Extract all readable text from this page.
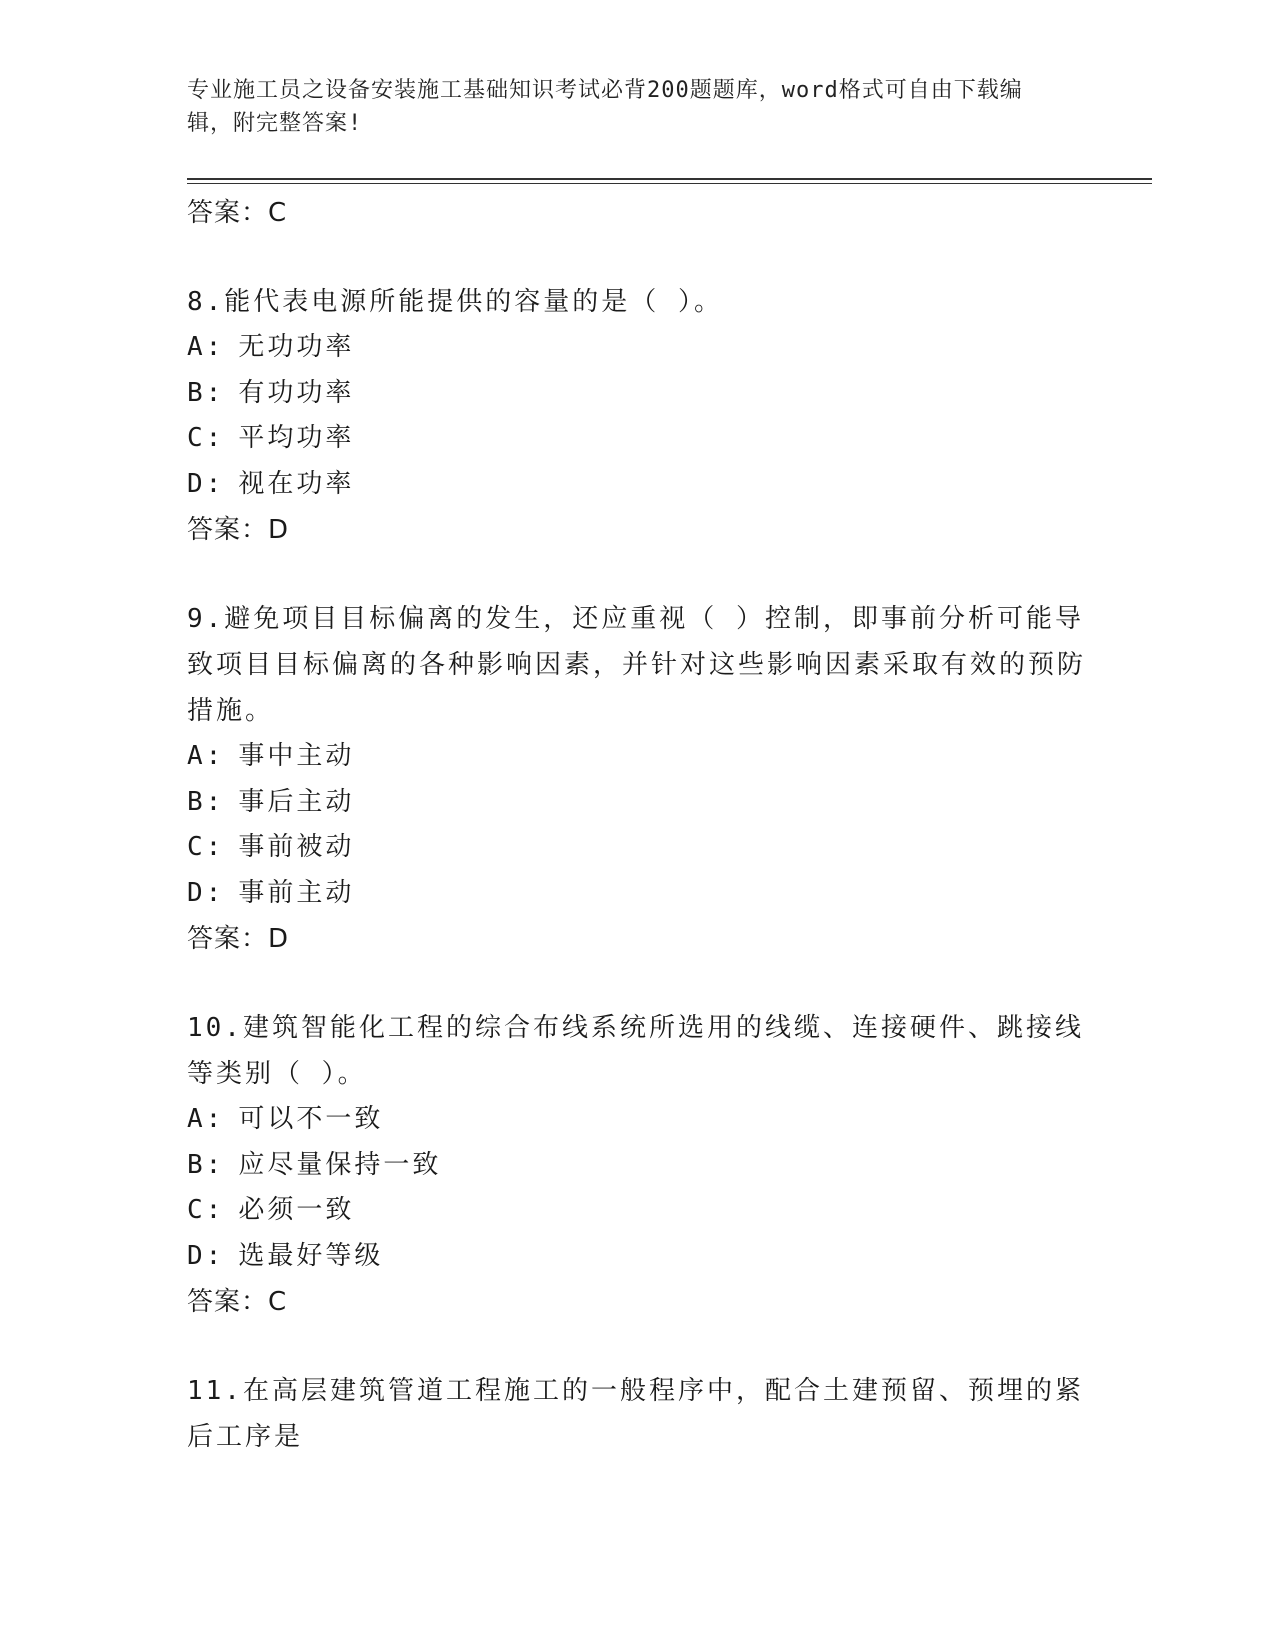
专业施工员之设备安装施工基础知识考试必背200题题库，word格式可自由下载编辑，附完整答案!
答案：C
8.能代表电源所能提供的容量的是（ ）。
A: 无功功率
B: 有功功率
C: 平均功率
D: 视在功率
答案：D
9.避免项目目标偏离的发生，还应重视（ ）控制，即事前分析可能导致项目目标偏离的各种影响因素，并针对这些影响因素采取有效的预防措施。
A: 事中主动
B: 事后主动
C: 事前被动
D: 事前主动
答案：D
10.建筑智能化工程的综合布线系统所选用的线缆、连接硬件、跳接线等类别（ ）。
A: 可以不一致
B: 应尽量保持一致
C: 必须一致
D: 选最好等级
答案：C
11.在高层建筑管道工程施工的一般程序中，配合土建预留、预埋的紧后工序是
